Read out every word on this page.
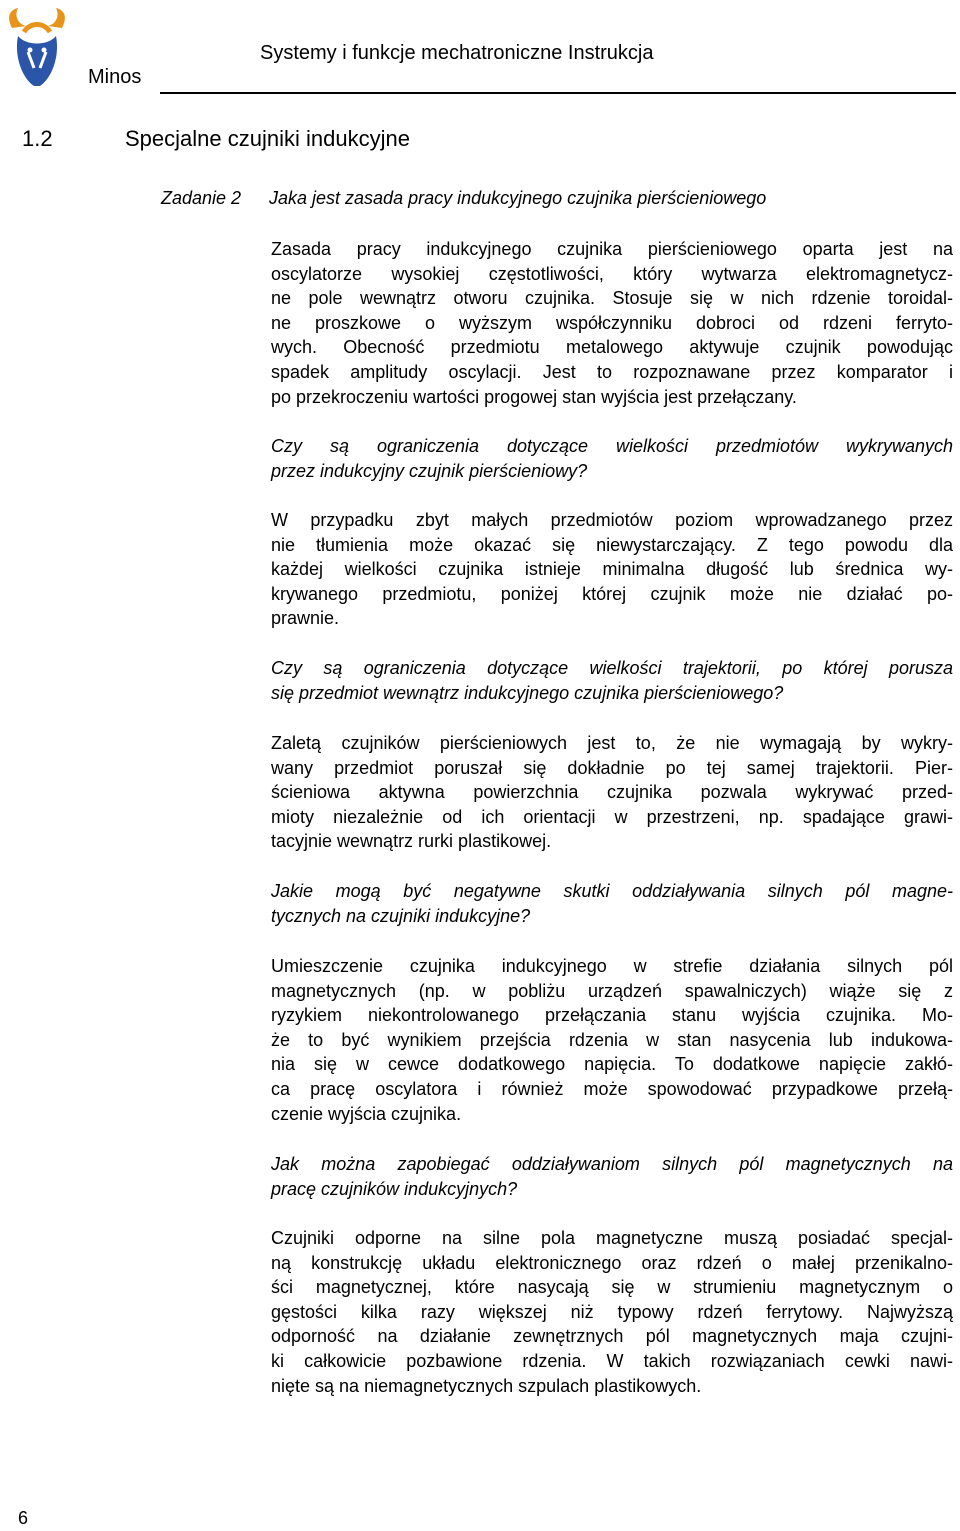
Minos
Systemy i funkcje mechatroniczne Instrukcja
1.2	Specjalne czujniki indukcyjne
Zadanie 2 Jaka jest zasada pracy indukcyjnego czujnika pierścieniowego

Zasada pracy indukcyjnego czujnika pierścieniowego oparta jest na

oscylatorze wysokiej częstotliwości, który wytwarza elektromagnetycz-

ne pole wewnątrz otworu czujnika. Stosuje się w nich rdzenie toroidal-

ne proszkowe o wyższym współczynniku dobroci od rdzeni ferryto-

wych. Obecność przedmiotu metalowego aktywuje czujnik powodując

spadek amplitudy oscylacji. Jest to rozpoznawane przez komparator i

po przekroczeniu wartości progowej stan wyjścia jest przełączany.

Czy są ograniczenia dotyczące wielkości przedmiotów wykrywanych

przez indukcyjny czujnik pierścieniowy?

W przypadku zbyt małych przedmiotów poziom wprowadzanego przez

nie tłumienia może okazać się niewystarczający. Z tego powodu dla

każdej wielkości czujnika istnieje minimalna długość lub średnica wy-

krywanego przedmiotu, poniżej której czujnik może nie działać po-

prawnie.

Czy są ograniczenia dotyczące wielkości trajektorii, po której porusza

się przedmiot wewnątrz indukcyjnego czujnika pierścieniowego?

Zaletą czujników pierścieniowych jest to, że nie wymagają by wykry-

wany przedmiot poruszał się dokładnie po tej samej trajektorii. Pier-

ścieniowa aktywna powierzchnia czujnika pozwala wykrywać przed-

mioty niezależnie od ich orientacji w przestrzeni, np. spadające grawi-

tacyjnie wewnątrz rurki plastikowej.

Jakie mogą być negatywne skutki oddziaływania silnych pól magne-

tycznych na czujniki indukcyjne?

Umieszczenie czujnika indukcyjnego w strefie działania silnych pól

magnetycznych (np. w pobliżu urządzeń spawalniczych) wiąże się z

ryzykiem niekontrolowanego przełączania stanu wyjścia czujnika. Mo-

że to być wynikiem przejścia rdzenia w stan nasycenia lub indukowa-

nia się w cewce dodatkowego napięcia. To dodatkowe napięcie zakłó-

ca pracę oscylatora i również może spowodować przypadkowe przełą-

czenie wyjścia czujnika.

Jak można zapobiegać oddziaływaniom silnych pól magnetycznych na

pracę czujników indukcyjnych?

Czujniki odporne na silne pola magnetyczne muszą posiadać specjal-

ną konstrukcję układu elektronicznego oraz rdzeń o małej przenikalno-

ści magnetycznej, które nasycają się w strumieniu magnetycznym o

gęstości kilka razy większej niż typowy rdzeń ferrytowy. Najwyższą

odporność na działanie zewnętrznych pól magnetycznych maja czujni-

ki całkowicie pozbawione rdzenia. W takich rozwiązaniach cewki nawi-

nięte są na niemagnetycznych szpulach plastikowych.

6
